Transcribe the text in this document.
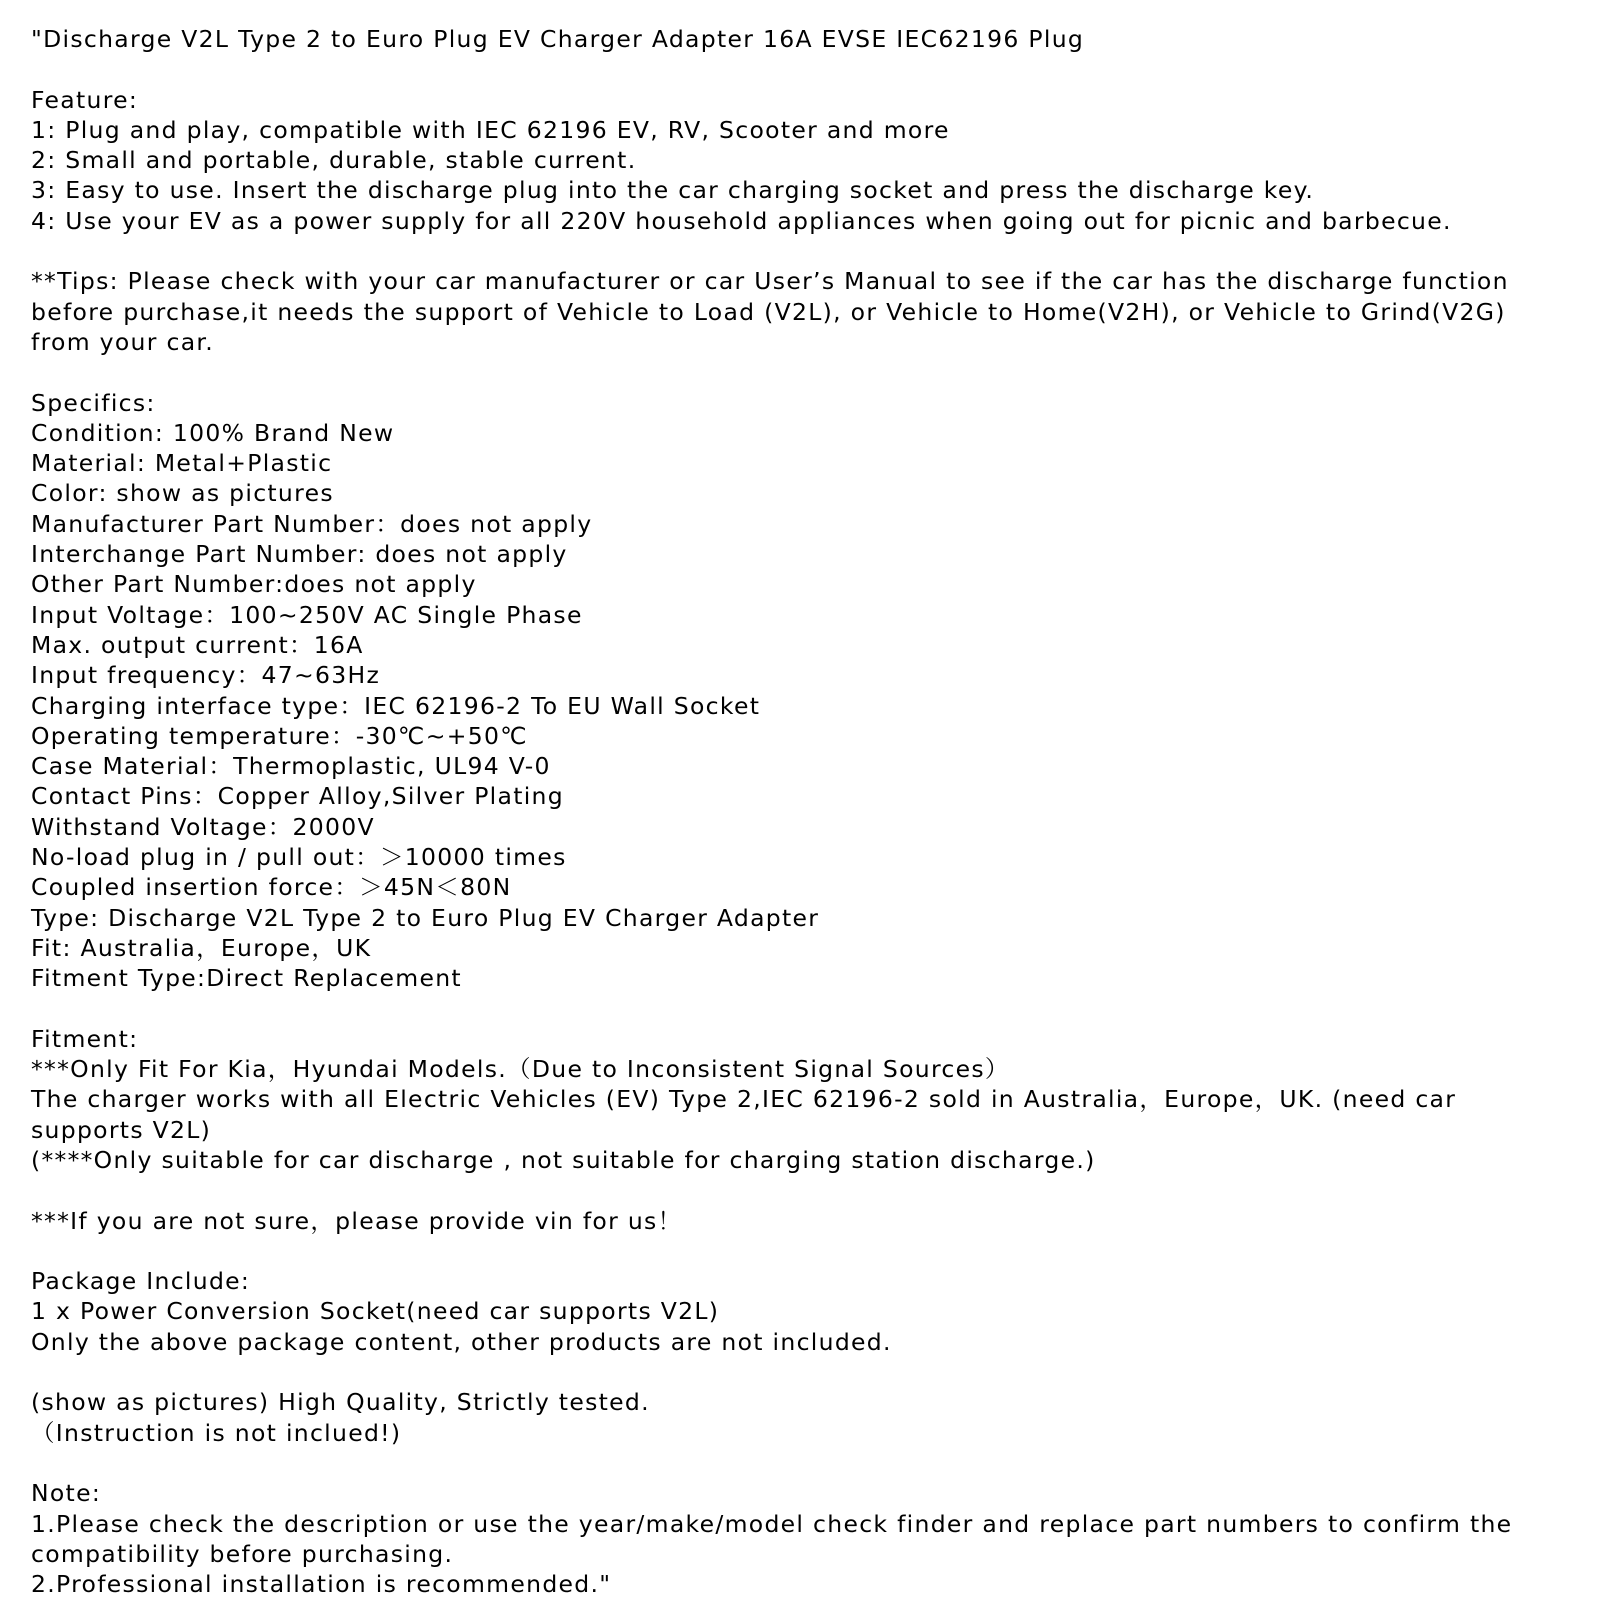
"Discharge V2L Type 2 to Euro Plug EV Charger Adapter 16A EVSE IEC62196 Plug
Feature:
1: Plug and play, compatible with IEC 62196 EV, RV, Scooter and more
2: Small and portable, durable, stable current.
3: Easy to use. Insert the discharge plug into the car charging socket and press the discharge key.
4: Use your EV as a power supply for all 220V household appliances when going out for picnic and barbecue.
**Tips: Please check with your car manufacturer or car User’s Manual to see if the car has the discharge function before purchase,it needs the support of Vehicle to Load (V2L), or Vehicle to Home(V2H), or Vehicle to Grind(V2G) from your car.
Specifics:
Condition: 100% Brand New
Material: Metal+Plastic
Color: show as pictures
Manufacturer Part Number：does not apply
Interchange Part Number: does not apply
Other Part Number:does not apply
Input Voltage：100~250V AC Single Phase
Max. output current：16A
Input frequency：47~63Hz
Charging interface type：IEC 62196-2 To EU Wall Socket
Operating temperature：-30℃~+50℃
Case Material：Thermoplastic, UL94 V-0
Contact Pins：Copper Alloy,Silver Plating
Withstand Voltage：2000V
No-load plug in / pull out：＞10000 times
Coupled insertion force：＞45N＜80N
Type: Discharge V2L Type 2 to Euro Plug EV Charger Adapter
Fit: Australia，Europe，UK
Fitment Type:Direct Replacement
Fitment:
***Only Fit For Kia，Hyundai Models.（Due to Inconsistent Signal Sources）
The charger works with all Electric Vehicles (EV) Type 2,IEC 62196-2 sold in Australia，Europe，UK. (need car supports V2L)
(****Only suitable for car discharge , not suitable for charging station discharge.)
***If you are not sure，please provide vin for us！
Package Include:
1 x Power Conversion Socket(need car supports V2L)
Only the above package content, other products are not included.
(show as pictures) High Quality, Strictly tested.
（Instruction is not inclued!)
Note:
1.Please check the description or use the year/make/model check finder and replace part numbers to confirm the compatibility before purchasing.
2.Professional installation is recommended."
